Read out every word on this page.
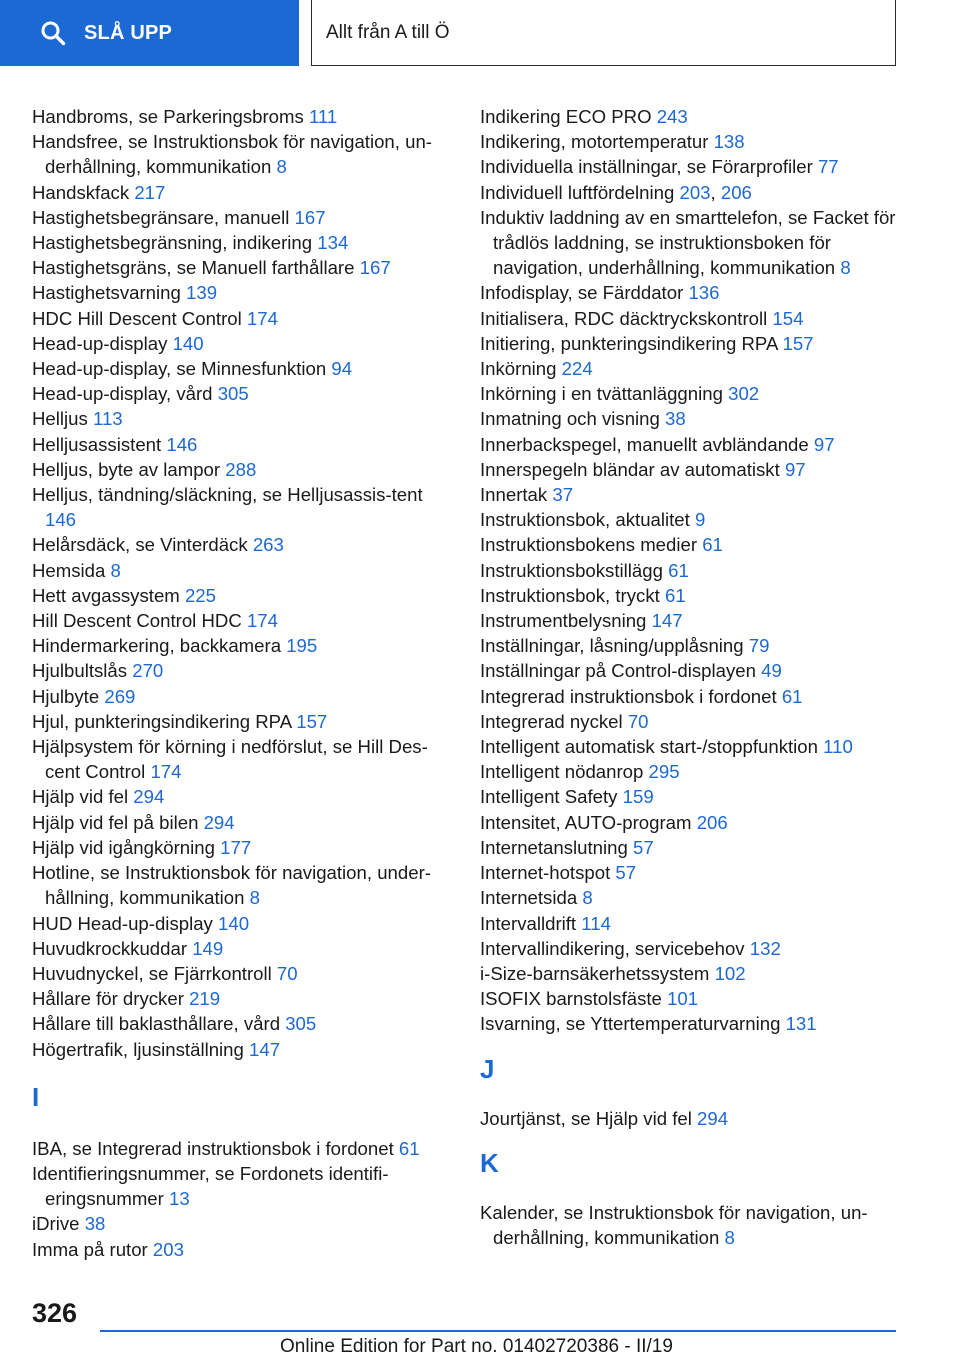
SLÅ UPP	Allt från A till Ö
Handbroms, se Parkeringsbroms 111
Handsfree, se Instruktionsbok för navigation, un-derhållning, kommunikation 8
Handskfack 217
Hastighetsbegränsare, manuell 167
Hastighetsbegränsning, indikering 134
Hastighetsgräns, se Manuell farthållare 167
Hastighetsvarning 139
HDC Hill Descent Control 174
Head-up-display 140
Head-up-display, se Minnesfunktion 94
Head-up-display, vård 305
Helljus 113
Helljusassistent 146
Helljus, byte av lampor 288
Helljus, tändning/släckning, se Helljusassis-tent 146
Helårsdäck, se Vinterdäck 263
Hemsida 8
Hett avgassystem 225
Hill Descent Control HDC 174
Hindermarkering, backkamera 195
Hjulbultslås 270
Hjulbyte 269
Hjul, punkteringsindikering RPA 157
Hjälpsystem för körning i nedförslut, se Hill Des-cent Control 174
Hjälp vid fel 294
Hjälp vid fel på bilen 294
Hjälp vid igångkörning 177
Hotline, se Instruktionsbok för navigation, under-hållning, kommunikation 8
HUD Head-up-display 140
Huvudkrockkuddar 149
Huvudnyckel, se Fjärrkontroll 70
Hållare för drycker 219
Hållare till baklasthållare, vård 305
Högertrafik, ljusinställning 147
I
IBA, se Integrerad instruktionsbok i fordonet 61
Identifieringsnummer, se Fordonets identifi-eringsnummer 13
iDrive 38
Imma på rutor 203
Indikering ECO PRO 243
Indikering, motortemperatur 138
Individuella inställningar, se Förarprofiler 77
Individuell luftfördelning 203, 206
Induktiv laddning av en smarttelefon, se Facket för trådlös laddning, se instruktionsboken för navigation, underhållning, kommunikation 8
Infodisplay, se Färddator 136
Initialisera, RDC däcktryckskontroll 154
Initiering, punkteringsindikering RPA 157
Inkörning 224
Inkörning i en tvättanläggning 302
Inmatning och visning 38
Innerbackspegel, manuellt avbländande 97
Innerspegeln bländar av automatiskt 97
Innertak 37
Instruktionsbok, aktualitet 9
Instruktionsbokens medier 61
Instruktionsbokstillägg 61
Instruktionsbok, tryckt 61
Instrumentbelysning 147
Inställningar, låsning/upplåsning 79
Inställningar på Control-displayen 49
Integrerad instruktionsbok i fordonet 61
Integrerad nyckel 70
Intelligent automatisk start-/stoppfunktion 110
Intelligent nödanrop 295
Intelligent Safety 159
Intensitet, AUTO-program 206
Internetanslutning 57
Internet-hotspot 57
Internetsida 8
Intervalldrift 114
Intervallindikering, servicebehov 132
i-Size-barnsäkerhetssystem 102
ISOFIX barnstolsfäste 101
Isvarning, se Yttertemperaturvarning 131
J
Jourtjänst, se Hjälp vid fel 294
K
Kalender, se Instruktionsbok för navigation, un-derhållning, kommunikation 8
326
Online Edition for Part no. 01402720386 - II/19
